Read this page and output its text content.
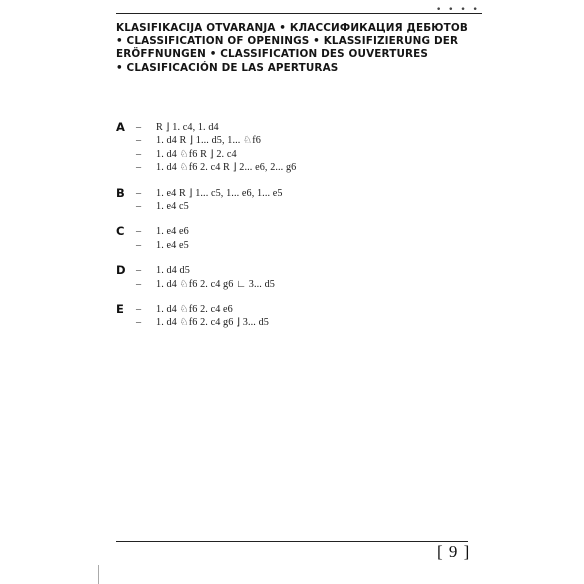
• • • •
KLASIFIKACIJA OTVARANJA • КЛАССИФИКАЦИЯ ДЕБЮТОВ
• CLASSIFICATION OF OPENINGS • KLASSIFIZIERUNG DER
ERÖFFNUNGEN • CLASSIFICATION DES OUVERTURES
• CLASIFICACIÓN DE LAS APERTURAS
A	–	R ⌋ 1. c4, 1. d4
–	1. d4 R ⌋ 1... d5, 1... ♘f6
–	1. d4 ♘f6 R ⌋ 2. c4
–	1. d4 ♘f6 2. c4 R ⌋ 2... e6, 2... g6
B	–	1. e4 R ⌋ 1... c5, 1... e6, 1... e5
–	1. e4 c5
C	–	1. e4 e6
–	1. e4 e5
D –	1. d4 d5
–	1. d4 ♘f6 2. c4 g6 ∟ 3... d5
E	–	1. d4 ♘f6 2. c4 e6
–	1. d4 ♘f6 2. c4 g6 ⌋ 3... d5
[ 9 ]
